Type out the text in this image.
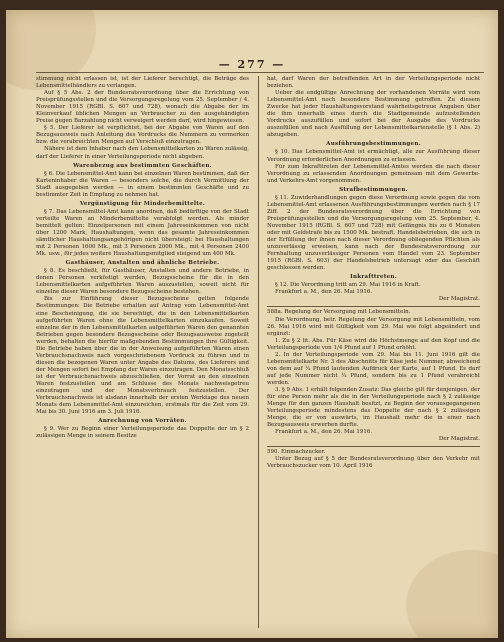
— 277 —

stimmung nicht erlassen ist, ist der Lieferer berechtigt, die Beträge des Lebensmittelhändlers zu verlangen.

Auf § 5 Abs. 2 der Bundesratsverordnung über die Errichtung von Preisprüfungsstellen und die Versorgungsregelung vom 25. September / 4. November 1915 (RGBl. S. 607 und 728), wonach die Abgabe der im Kleinverkauf üblichen Mengen an Verbraucher zu den ausgehändigten Preise gegen Barzahlung nicht verweigert werden darf, wird hingewiesen.

§ 5. Der Lieferer ist verpflichtet, bei der Abgabe von Waren auf den Bezugsausweis nach Anleitung des Vordrucks die Nummern zu vermerken bzw. die verabreichten Mengen auf Verschluß einzutragen.

Nähere ist dem Inhaber nach den Lebensmittelkarten zu Waren zulässig, darf der Lieferer in einer Verteilungsperiode nicht abgeben.

Warenbezug aus bestimmten Geschäften.

§ 6. Die Lebensmittel-Amt kann bei einzelnen Waren bestimmen, daß der Karteninhaber die Waren — besonders solche, die durch Vermittlung der Stadt ausgegeben werden — in einem bestimmten Geschäfte und zu bestimmter Zeit in Empfang zu nehmen hat.

Vergünstigung für Minderbemittelte.

§ 7. Das Lebensmittel-Amt kann anordnen, daß bedürftige von der Stadt verteilte Waren an Minderbemittelte verabfolgt werden. Als minder bemittelt gelten: Einzelpersonen mit einem Jahreseinkommen von nicht über 1200 Mark, Haushaltungen, wenn das gesamte Jahreseinkommen sämtlicher Haushaltungsangehörigen nicht übersteigt: bei Haushaltungen mit 2 Personen 1600 Mk., mit 3 Personen 2000 Mk., mit 4 Personen 2400 Mk. usw., für jedes weitere Haushaltungsmitglied steigend um 400 Mk.

Gasthäuser, Anstalten und ähnliche Betriebe.

§ 8. Es beschließt, für Gasthäuser, Anstalten und andere Betriebe, in denen Personen verköstigt werden, Bezugsscheine für die in den Lebensmittelkarten aufgeführten Waren auszustellen, soweit nicht für einzelne dieser Waren besondere Bezugsscheine bestehen.

Bis zur Einführung dieser Bezugsscheine gelten folgende Bestimmungen: Die Betriebe erhalten auf Antrag vom Lebensmittel-Amt eine Bescheinigung, die sie berechtigt, die in den Lebensmittelkarten aufgeführten Waren ohne die Lebensmittelkarten einzukaufen. Soweit einzelne der in den Lebensmittelkarten aufgeführten Waren den genannten Betrieben gegen besondere Bezugsscheine oder Bezugsausweise zugeteilt werden, behalten die hierfür maßgebenden Bestimmungen ihre Gültigkeit. Die Betriebe haben über die in der Anweisung aufgeführten Waren einen Verbrauchsnachweis nach vorgeschriebenem Vordruck zu führen und in diesen die bezogenen Waren unter Angabe des Datums, des Lieferers und der Mengen sofort bei Empfang der Waren einzutragen. Den Monatsschluß ist der Verbrauchsnachweis abzuschließen, der Vorrat an den einzelnen Waren festzustellen und am Schlusse des Monats nachweisgetreu einzutragen und der Monatsverbrauch festzustellen. Der Verbrauchsnachweis ist alsdann innerhalb der ersten Werktage des neuen Monats dem Lebensmittel-Amt einzureichen, erstmals für die Zeit vom 29. Mai bis 30. Juni 1916 am 3. Juli 1916.

Anrechnung von Vorräten.

§ 9. Wer zu Beginn einer Verteilungsperiode das Doppelte der im § 2 zulässigen Menge in seinem Besitze

hat, darf Waren der betreffenden Art in der Verteilungsperiode nicht beziehen.

Ueber die endgültige Anrechnung der vorhandenen Vorräte wird vom Lebensmittel-Amt noch besondere Bestimmung getroffen. Zu diesem Zwecke hat jeder Haushaltungsvorstand wahrheitsgetreue Angaben über die ihm innerhalb eines durch die Stadtgemeinde aufzustellenden Vordrucks auszufüllen und sofort bei der Ausgabe des Vordrucks auszufüllen und nach Ausfüllung der Lebensmittelkartenstelle (§ 1 Abs. 2) abzugeben.

Ausführungsbestimmungen.

§ 10. Das Lebensmittel-Amt ist ermächtigt, alle zur Ausführung dieser Verordnung erforderlichen Anordnungen zu erlassen.

Für zum Inkrafttreten der Lebensmittel-Amtes werden die nach dieser Verordnung zu erlassenden Anordnungen gemeinsam mit dem Gewerbe- und Verkehrs-Amt vorgenommen.

Strafbestimmungen.

§ 11. Zuwiderhandlungen gegen diese Verordnung sowie gegen die vom Lebensmittel-Amt erlassenen Ausführungsbestimmungen werden nach § 17 Ziff. 2 der Bundesratsverordnung über die Errichtung von Preisprüfungsstellen und die Versorgungsregelung vom 25. September, 4. November 1915 (RGBl. S. 607 und 728) mit Gefängnis bis zu 6 Monaten oder mit Geldstrafe bis zu 1500 Mk. bestraft. Handelsbetrieben, die sich in der Erfüllung der ihnen nach dieser Verordnung obliegenden Pflichten als unzuverlässig erweisen, kann nach der Bundesratsverordnung zur Fernhaltung unzuverlässiger Personen vom Handel vom 23. September 1915 (RGBl. S. 603) der Handelsbetrieb untersagt oder das Geschäft geschlossen werden.

Inkrafttreten.

§ 12. Die Verordnung tritt am 29. Mai 1916 in Kraft.

Frankfurt a. M., den 26. Mai 1916.

Der Magistrat.

588a. Regelung der Versorgung mit Lebensmitteln.

Die Verordnung, betr. Regelung der Versorgung mit Lebensmitteln, vom 26. Mai 1916 wird mit Gültigkeit vom 29. Mai wie folgt abgeändert und ergänzt:

1. Zu § 2 lit. Abs. Für Käse wird die Höchstmenge auf den Kopf und die Verteilungsperiode von 1/4 Pfund auf 1 Pfund erhöht.

2. In der Verteilungsperiode vom 29. Mai bis 11. Juni 1916 gilt die Lebensmittelkarte Nr. 3 des Abschnitts für Käse jede Nummer, abweichend von dem auf ¼ Pfund lautenden Aufdruck der Karte, auf 1 Pfund. Es darf auf jede Nummer nicht ¼ Pfund, sondern bis zu 1 Pfund verabreicht werden.

3. § 9 Abs. 1 erhält folgenden Zusatz: Das gleiche gilt für denjenigen, der für eine Person mehr als die in der Verteilungsperiode nach § 2 zulässige Menge für den ganzen Haushalt besitzt, zu Beginn der vorausgegangenen Verteilungsperiode mindestens das Doppelte der nach § 2 zulässigen Menge, die er von auswärts, im Haushalt mehr die in einer nach Bezugsausweis erwerben durfte.

Frankfurt a. M., den 26. Mai 1916.

Der Magistrat.

590. Einmachzucker.

Unter Bezug auf § 5 der Bundesratsverordnung über den Verkehr mit Verbrauchszucker vom 10. April 1916
